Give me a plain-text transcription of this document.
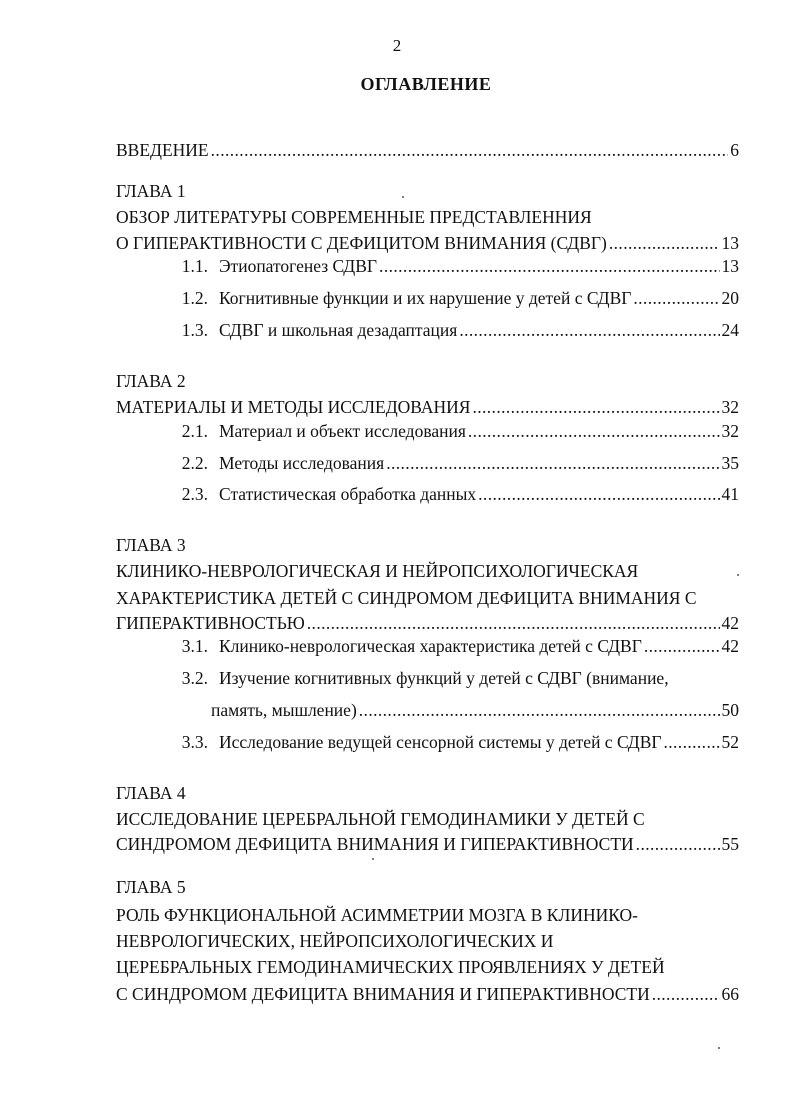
2
ОГЛАВЛЕНИЕ
ВВЕДЕНИЕ .....	6
ГЛАВА 1
ОБЗОР ЛИТЕРАТУРЫ СОВРЕМЕННЫЕ ПРЕДСТАВЛЕННИЯ
О ГИПЕРАКТИВНОСТИ С ДЕФИЦИТОМ ВНИМАНИЯ (СДВГ) .....	13
1.1. Этиопатогенез СДВГ .....	13
1.2. Когнитивные функции и их нарушение у детей с СДВГ .....	20
1.3. СДВГ и школьная дезадаптация .....	24
ГЛАВА 2
МАТЕРИАЛЫ И МЕТОДЫ ИССЛЕДОВАНИЯ .....	32
2.1. Материал и объект исследования .....	32
2.2. Методы исследования .....	35
2.3. Статистическая обработка данных .....	41
ГЛАВА 3
КЛИНИКО-НЕВРОЛОГИЧЕСКАЯ И НЕЙРОПСИХОЛОГИЧЕСКАЯ
ХАРАКТЕРИСТИКА ДЕТЕЙ С СИНДРОМОМ ДЕФИЦИТА ВНИМАНИЯ С
ГИПЕРАКТИВНОСТЬЮ .....	42
3.1. Клинико-неврологическая характеристика детей с СДВГ .....	42
3.2. Изучение когнитивных функций у детей с СДВГ (внимание,
память, мышление) .....	50
3.3. Исследование ведущей сенсорной системы у детей с СДВГ .....	52
ГЛАВА 4
ИССЛЕДОВАНИЕ ЦЕРЕБРАЛЬНОЙ ГЕМОДИНАМИКИ У ДЕТЕЙ С
СИНДРОМОМ ДЕФИЦИТА ВНИМАНИЯ И ГИПЕРАКТИВНОСТИ .....	55
ГЛАВА 5
РОЛЬ ФУНКЦИОНАЛЬНОЙ АСИММЕТРИИ МОЗГА В КЛИНИКО-
НЕВРОЛОГИЧЕСКИХ, НЕЙРОПСИХОЛОГИЧЕСКИХ И
ЦЕРЕБРАЛЬНЫХ ГЕМОДИНАМИЧЕСКИХ ПРОЯВЛЕНИЯХ У ДЕТЕЙ
С СИНДРОМОМ ДЕФИЦИТА ВНИМАНИЯ И ГИПЕРАКТИВНОСТИ .....	66
